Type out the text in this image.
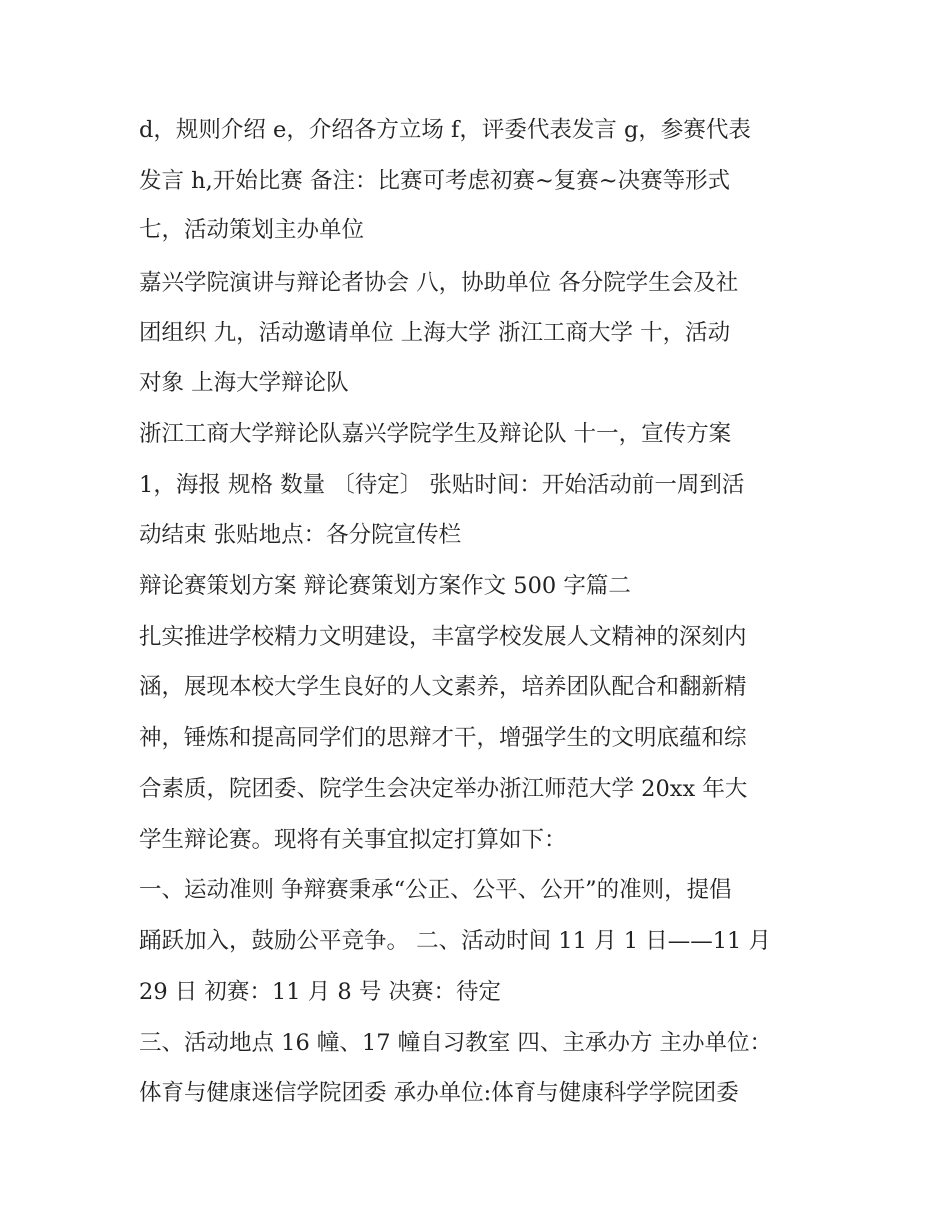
d，规则介绍 e，介绍各方立场 f，评委代表发言 g，参赛代表
发言 h,开始比赛 备注：比赛可考虑初赛~复赛~决赛等形式
七，活动策划主办单位
嘉兴学院演讲与辩论者协会 八，协助单位 各分院学生会及社
团组织 九，活动邀请单位 上海大学 浙江工商大学 十，活动
对象 上海大学辩论队
浙江工商大学辩论队嘉兴学院学生及辩论队 十一，宣传方案
1，海报 规格 数量 〔待定〕 张贴时间：开始活动前一周到活
动结束 张贴地点：各分院宣传栏
辩论赛策划方案 辩论赛策划方案作文 500 字篇二
扎实推进学校精力文明建设，丰富学校发展人文精神的深刻内
涵，展现本校大学生良好的人文素养，培养团队配合和翻新精
神，锤炼和提高同学们的思辩才干，增强学生的文明底蕴和综
合素质，院团委、院学生会决定举办浙江师范大学 20xx 年大
学生辩论赛。现将有关事宜拟定打算如下：
一、运动准则 争辩赛秉承“公正、公平、公开”的准则，提倡
踊跃加入，鼓励公平竞争。 二、活动时间 11 月 1 日——11 月
29 日 初赛：11 月 8 号 决赛：待定
三、活动地点 16 幢、17 幢自习教室 四、主承办方 主办单位：
体育与健康迷信学院团委 承办单位:体育与健康科学学院团委
